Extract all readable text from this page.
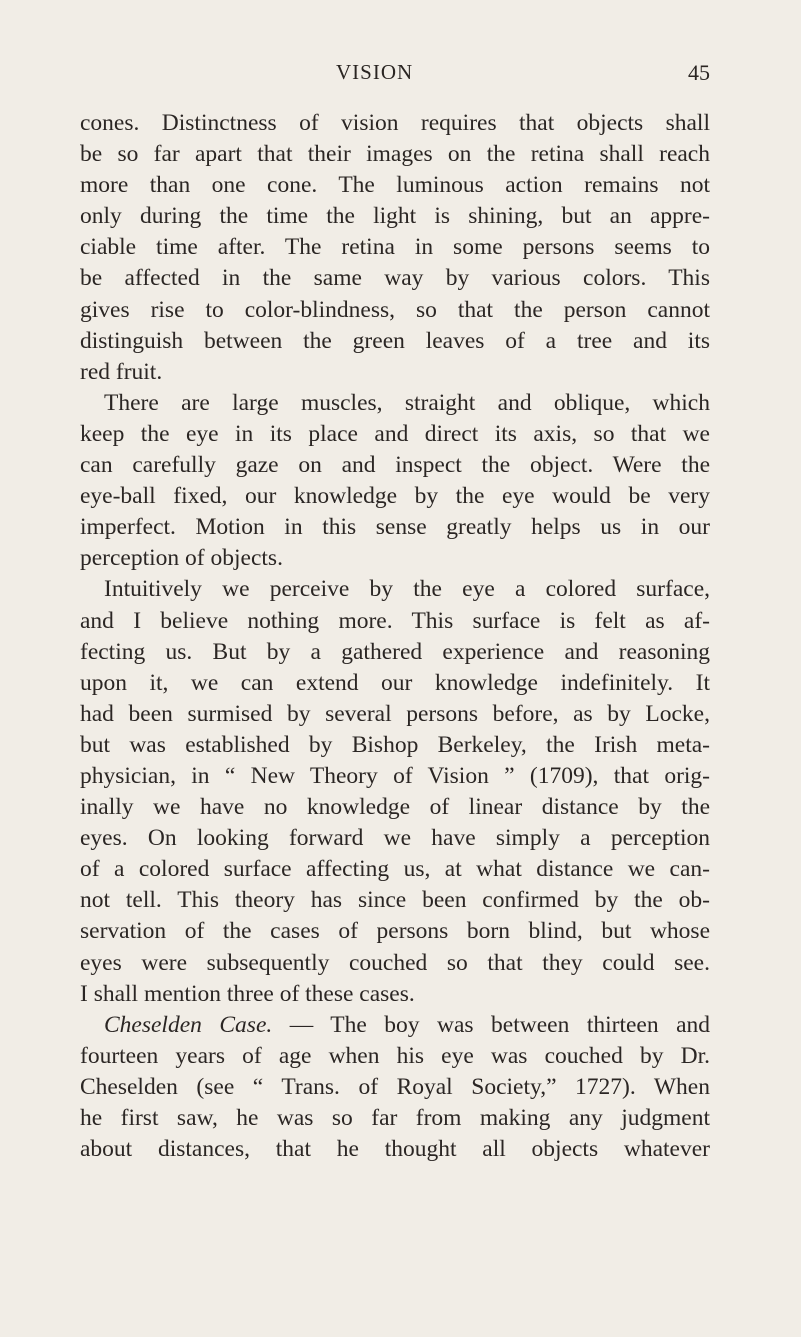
VISION	45
cones. Distinctness of vision requires that objects shall
be so far apart that their images on the retina shall reach
more than one cone. The luminous action remains not
only during the time the light is shining, but an appre-
ciable time after. The retina in some persons seems to
be affected in the same way by various colors. This
gives rise to color-blindness, so that the person cannot
distinguish between the green leaves of a tree and its
red fruit.
There are large muscles, straight and oblique, which
keep the eye in its place and direct its axis, so that we
can carefully gaze on and inspect the object. Were the
eye-ball fixed, our knowledge by the eye would be very
imperfect. Motion in this sense greatly helps us in our
perception of objects.
Intuitively we perceive by the eye a colored surface,
and I believe nothing more. This surface is felt as af-
fecting us. But by a gathered experience and reasoning
upon it, we can extend our knowledge indefinitely. It
had been surmised by several persons before, as by Locke,
but was established by Bishop Berkeley, the Irish meta-
physician, in “ New Theory of Vision ” (1709), that orig-
inally we have no knowledge of linear distance by the
eyes. On looking forward we have simply a perception
of a colored surface affecting us, at what distance we can-
not tell. This theory has since been confirmed by the ob-
servation of the cases of persons born blind, but whose
eyes were subsequently couched so that they could see.
I shall mention three of these cases.
Cheselden Case. — The boy was between thirteen and
fourteen years of age when his eye was couched by Dr.
Cheselden (see “ Trans. of Royal Society,” 1727). When
he first saw, he was so far from making any judgment
about distances, that he thought all objects whatever
